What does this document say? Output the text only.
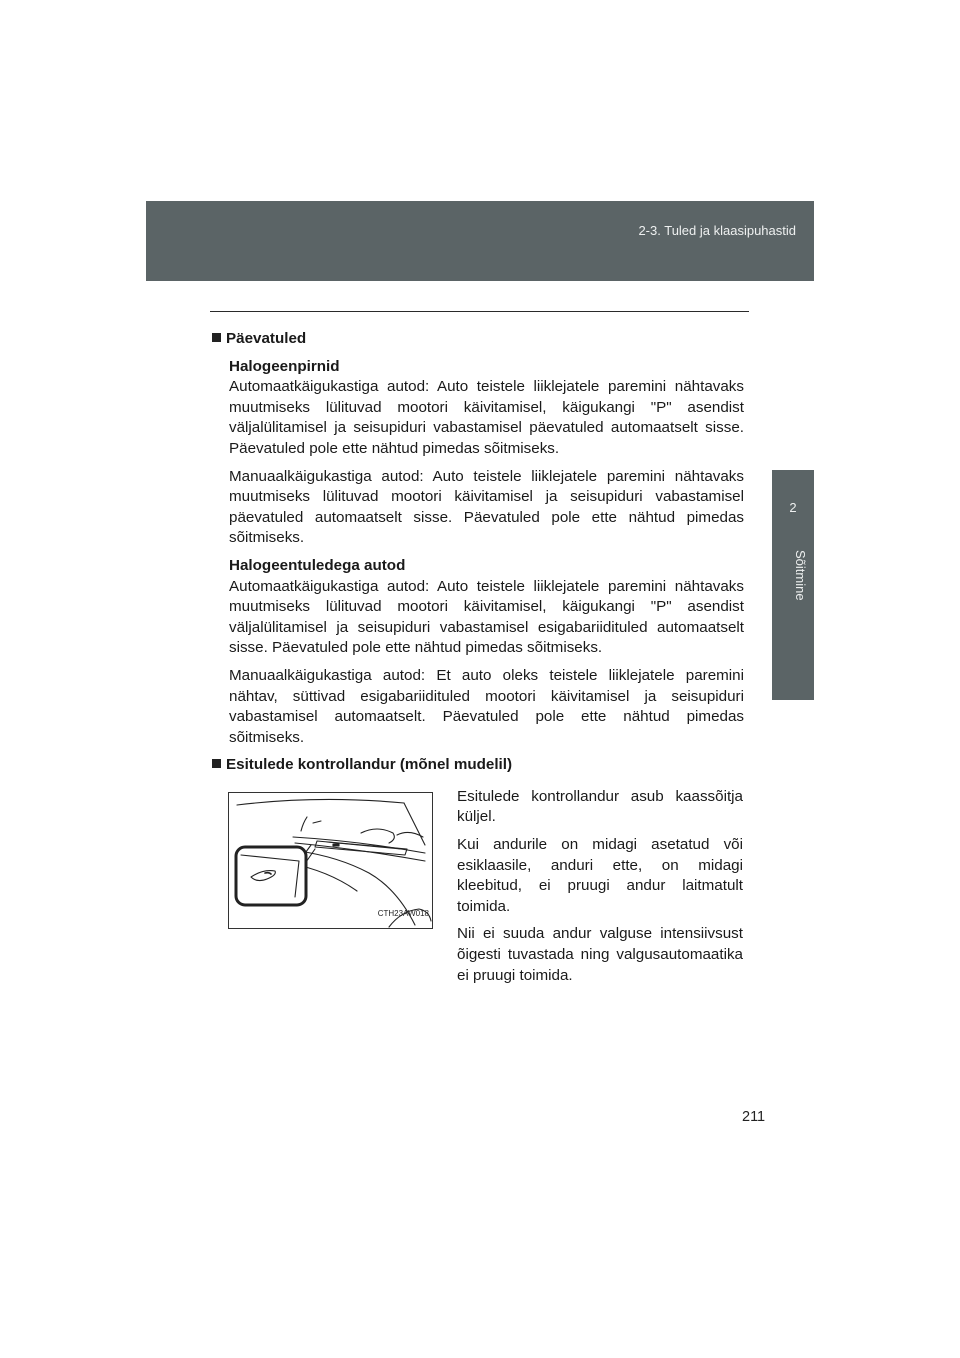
2-3. Tuled ja klaasipuhastid
2
Sõitmine
Päevatuled

Halogeenpirnid

Automaatkäigukastiga autod: Auto teistele liiklejatele paremini nähtavaks muutmiseks lülituvad mootori käivitamisel, käigukangi "P" asendist väljalülitamisel ja seisupiduri vabastamisel päevatuled automaatselt sisse. Päevatuled pole ette nähtud pimedas sõitmiseks.

Manuaalkäigukastiga autod: Auto teistele liiklejatele paremini nähtavaks muutmiseks lülituvad mootori käivitamisel ja seisupiduri vabastamisel päevatuled automaatselt sisse. Päevatuled pole ette nähtud pimedas sõitmiseks.

Halogeentuledega autod

Automaatkäigukastiga autod: Auto teistele liiklejatele paremini nähtavaks muutmiseks lülituvad mootori käivitamisel, käigukangi "P" asendist väljalülitamisel ja seisupiduri vabastamisel esigabariidituled automaatselt sisse. Päevatuled pole ette nähtud pimedas sõitmiseks.

Manuaalkäigukastiga autod: Et auto oleks teistele liiklejatele paremini nähtav, süttivad esigabariidituled mootori käivitamisel ja seisupiduri vabastamisel automaatselt. Päevatuled pole ette nähtud pimedas sõitmiseks.

Esitulede kontrollandur (mõnel mudelil)
CTH23AW018

Esitulede kontrollandur asub kaassõitja küljel.

Kui andurile on midagi asetatud või esiklaasile, anduri ette, on midagi kleebitud, ei pruugi andur laitmatult toimida.

Nii ei suuda andur valguse intensiivsust õigesti tuvastada ning valgusautomaatika ei pruugi toimida.

211
